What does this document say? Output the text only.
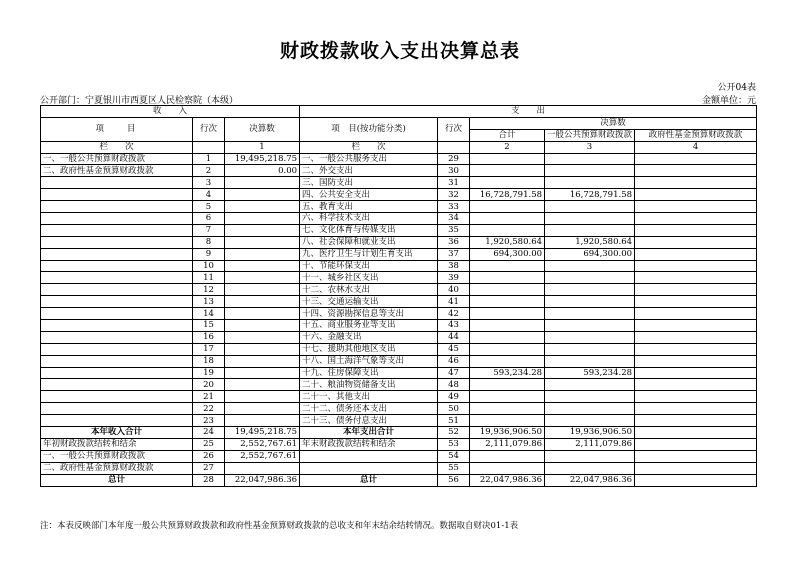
财政拨款收入支出决算总表
公开04表
公开部门：宁夏银川市西夏区人民检察院（本级）	金额单位：元
收　　入			支　　出				
项　　目	行次	决算数	项　目(按功能分类)	行次	决算数		
					合计	一般公共预算财政拨款	政府性基金预算财政拨款
栏　　次		1	栏　　次		2	3	4
一、一般公共预算财政拨款	1	19,495,218.75	一、一般公共服务支出	29			
二、政府性基金预算财政拨款	2	0.00	二、外交支出	30			
	3		三、国防支出	31			
	4		四、公共安全支出	32	16,728,791.58	16,728,791.58	
	5		五、教育支出	33			
	6		六、科学技术支出	34			
	7		七、文化体育与传媒支出	35			
	8		八、社会保障和就业支出	36	1,920,580.64	1,920,580.64	
	9		九、医疗卫生与计划生育支出	37	694,300.00	694,300.00	
	10		十、节能环保支出	38			
	11		十一、城乡社区支出	39			
	12		十二、农林水支出	40			
	13		十三、交通运输支出	41			
	14		十四、资源勘探信息等支出	42			
	15		十五、商业服务业等支出	43			
	16		十六、金融支出	44			
	17		十七、援助其他地区支出	45			
	18		十八、国土海洋气象等支出	46			
	19		十九、住房保障支出	47	593,234.28	593,234.28	
	20		二十、粮油物资储备支出	48			
	21		二十一、其他支出	49			
	22		二十二、债务还本支出	50			
	23		二十三、债务付息支出	51			
本年收入合计	24	19,495,218.75	本年支出合计	52	19,936,906.50	19,936,906.50	
年初财政拨款结转和结余	25	2,552,767.61	年末财政拨款结转和结余	53	2,111,079.86	2,111,079.86	
一、一般公共预算财政拨款	26	2,552,767.61		54			
二、政府性基金预算财政拨款	27			55			
总计	28	22,047,986.36	总计	56	22,047,986.36	22,047,986.36	
注：本表反映部门本年度一般公共预算财政拨款和政府性基金预算财政拨款的总收支和年末结余结转情况。数据取自财决01-1表
